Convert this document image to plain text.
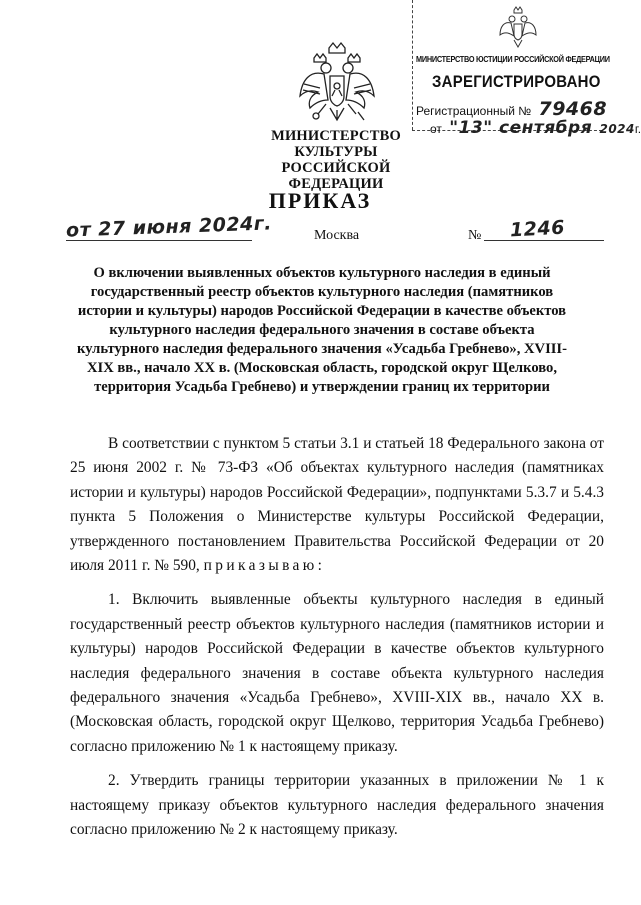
МИНИСТЕРСТВО КУЛЬТУРЫ
РОССИЙСКОЙ ФЕДЕРАЦИИ
МИНИСТЕРСТВО ЮСТИЦИИ РОССИЙСКОЙ ФЕДЕРАЦИИ
ЗАРЕГИСТРИРОВАНО
Регистрационный № 79468
от "13" сентября 2024г.
ПРИКАЗ
от 27 июня 2024г.	Москва	№ 1246
О включении выявленных объектов культурного наследия в единый государственный реестр объектов культурного наследия (памятников истории и культуры) народов Российской Федерации в качестве объектов культурного наследия федерального значения в составе объекта культурного наследия федерального значения «Усадьба Гребнево», XVIII-XIX вв., начало XX в. (Московская область, городской округ Щелково, территория Усадьба Гребнево) и утверждении границ их территории

В соответствии с пунктом 5 статьи 3.1 и статьей 18 Федерального закона от 25 июня 2002 г. № 73-ФЗ «Об объектах культурного наследия (памятниках истории и культуры) народов Российской Федерации», подпунктами 5.3.7 и 5.4.3 пункта 5 Положения о Министерстве культуры Российской Федерации, утвержденного постановлением Правительства Российской Федерации от 20 июля 2011 г. № 590, приказываю:

1. Включить выявленные объекты культурного наследия в единый государственный реестр объектов культурного наследия (памятников истории и культуры) народов Российской Федерации в качестве объектов культурного наследия федерального значения в составе объекта культурного наследия федерального значения «Усадьба Гребнево», XVIII-XIX вв., начало XX в. (Московская область, городской округ Щелково, территория Усадьба Гребнево) согласно приложению № 1 к настоящему приказу.

2. Утвердить границы территории указанных в приложении № 1 к настоящему приказу объектов культурного наследия федерального значения согласно приложению № 2 к настоящему приказу.
